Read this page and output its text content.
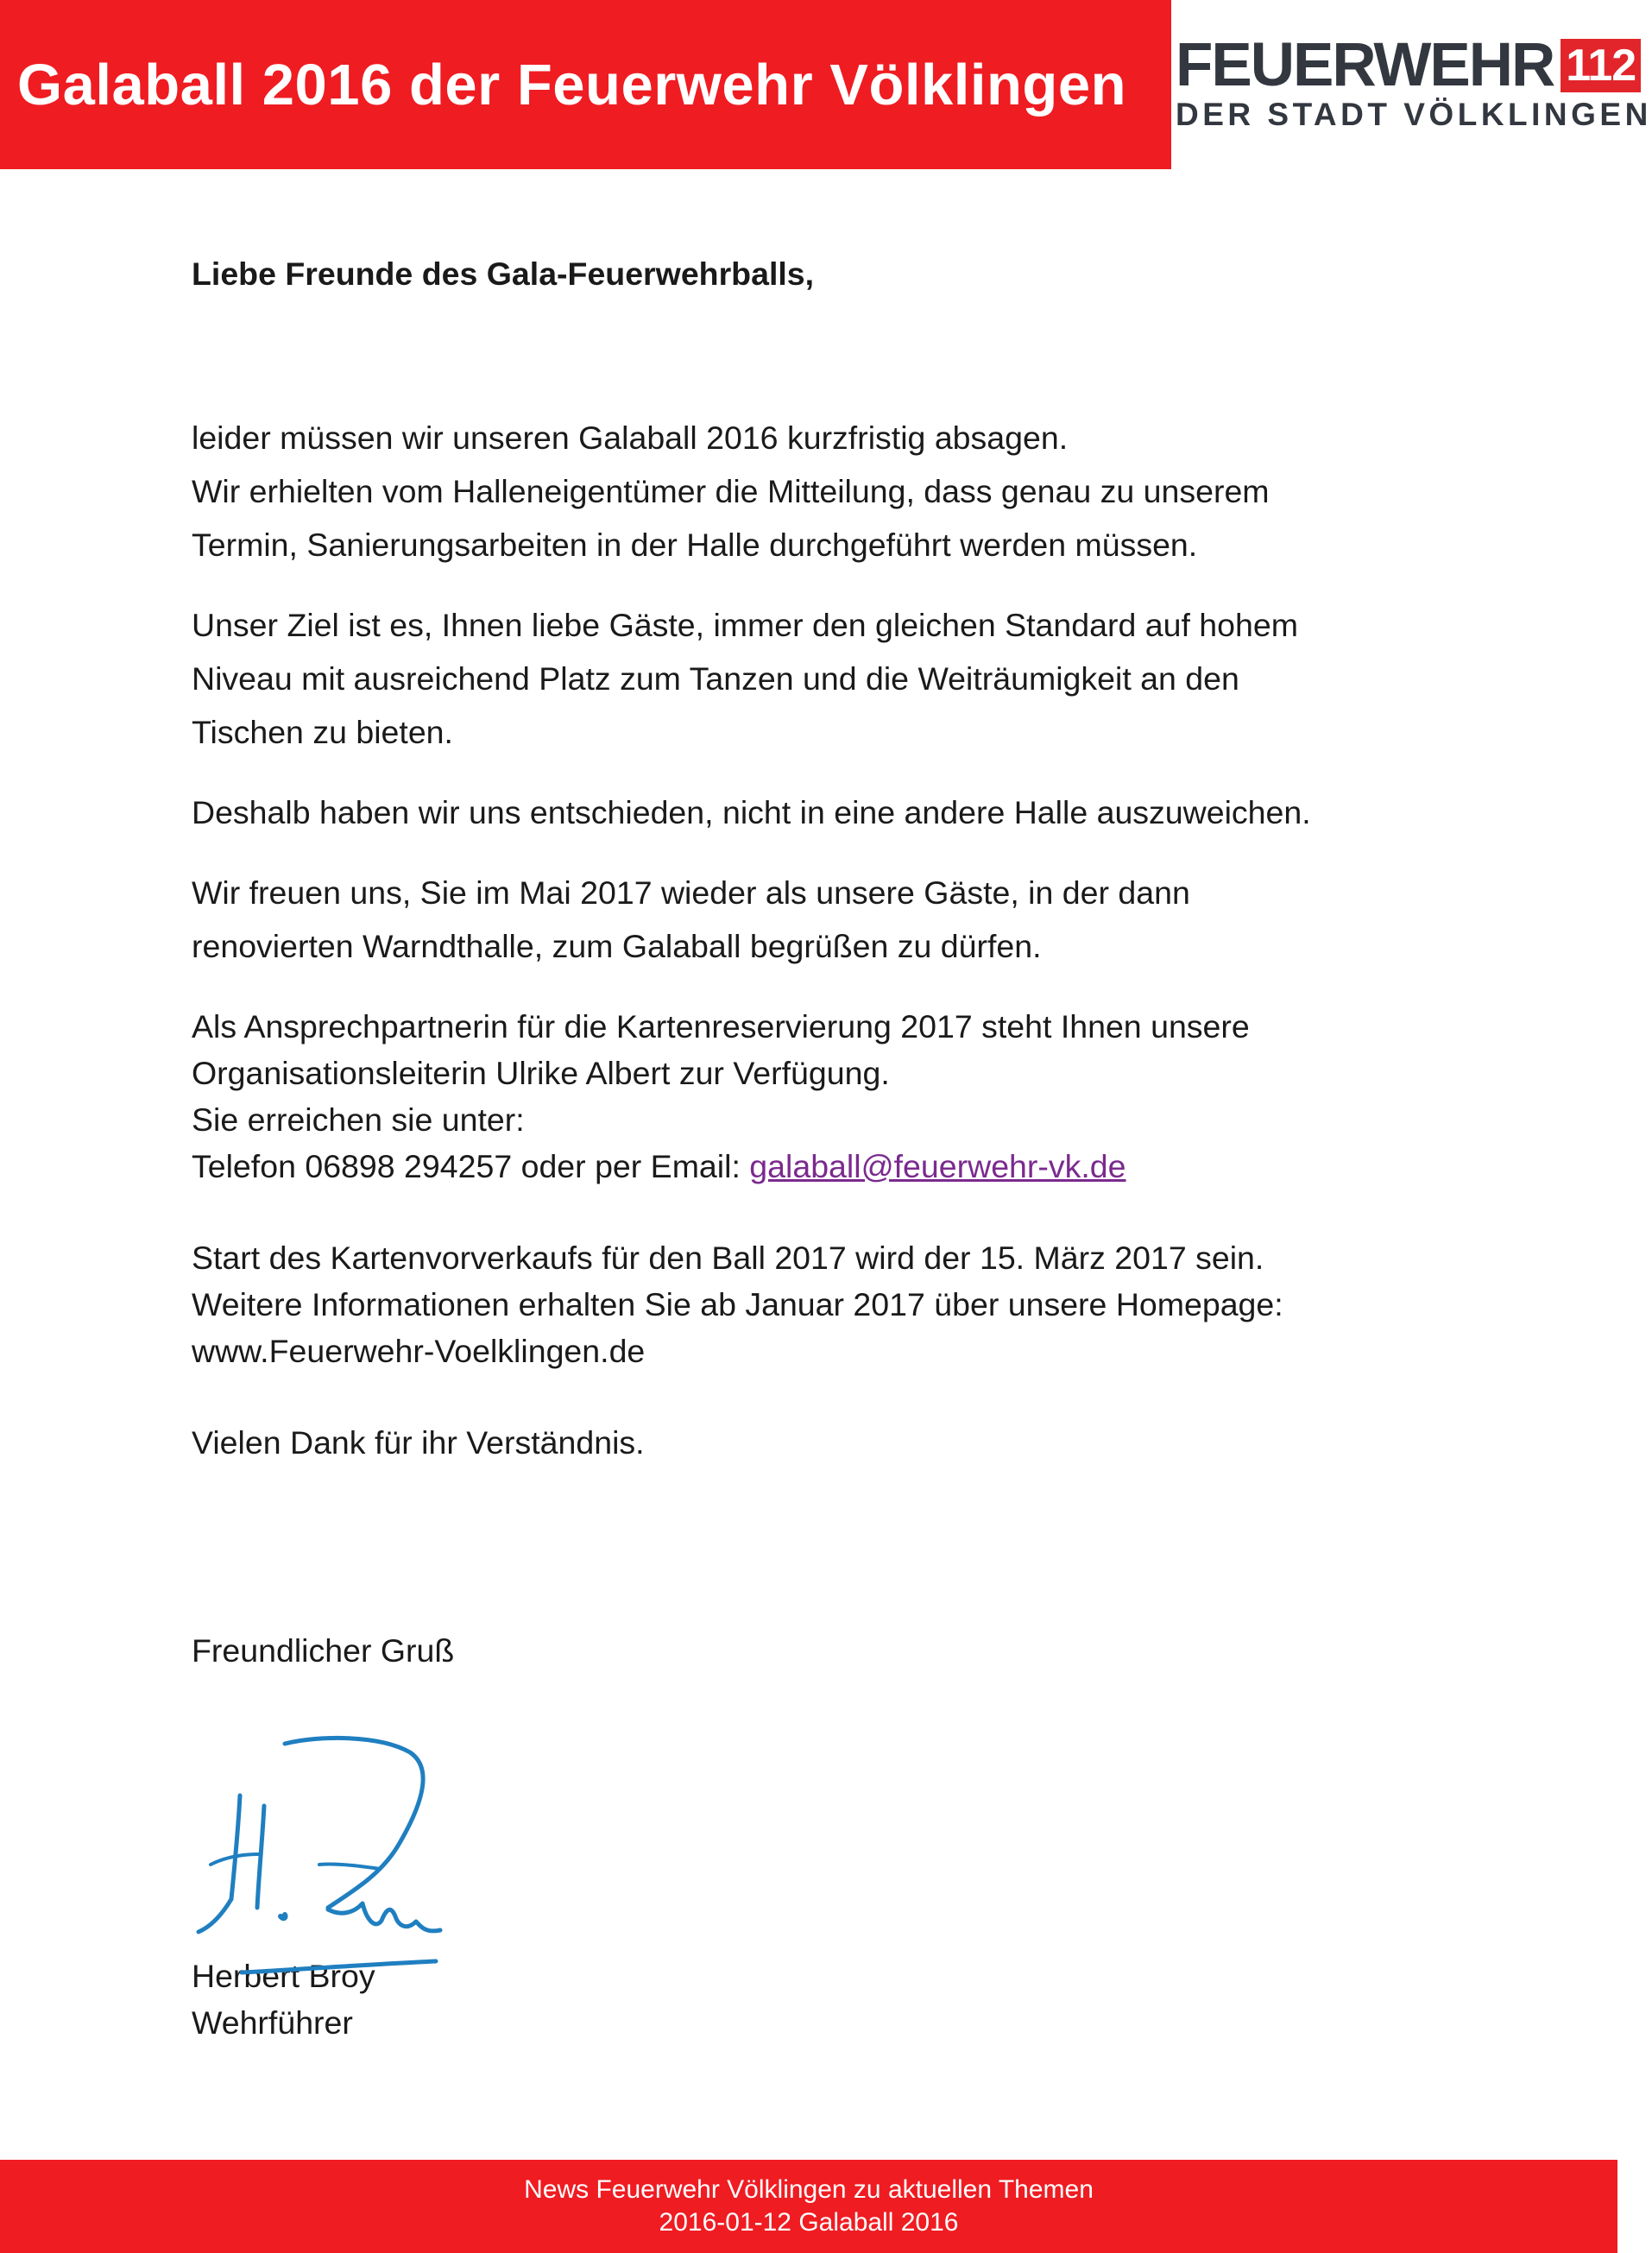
Galaball 2016 der Feuerwehr Völklingen FEUERWEHR 112
DER STADT VÖLKLINGEN
Liebe Freunde des Gala-Feuerwehrballs,
leider müssen wir unseren Galaball 2016 kurzfristig absagen.
Wir erhielten vom Halleneigentümer die Mitteilung, dass genau zu unserem
Termin, Sanierungsarbeiten in der Halle durchgeführt werden müssen.
Unser Ziel ist es, Ihnen liebe Gäste, immer den gleichen Standard auf hohem
Niveau mit ausreichend Platz zum Tanzen und die Weiträumigkeit an den
Tischen zu bieten.
Deshalb haben wir uns entschieden, nicht in eine andere Halle auszuweichen.
Wir freuen uns, Sie im Mai 2017 wieder als unsere Gäste, in der dann
renovierten Warndthalle, zum Galaball begrüßen zu dürfen.
Als Ansprechpartnerin für die Kartenreservierung 2017 steht Ihnen unsere
Organisationsleiterin Ulrike Albert zur Verfügung.
Sie erreichen sie unter:
Telefon 06898 294257 oder per Email: galaball@feuerwehr-vk.de
Start des Kartenvorverkaufs für den Ball 2017 wird der 15. März 2017 sein.
Weitere Informationen erhalten Sie ab Januar 2017 über unsere Homepage:
www.Feuerwehr-Voelklingen.de
Vielen Dank für ihr Verständnis.
Freundlicher Gruß
Herbert Broy
Wehrführer
News Feuerwehr Völklingen zu aktuellen Themen
2016-01-12 Galaball 2016
